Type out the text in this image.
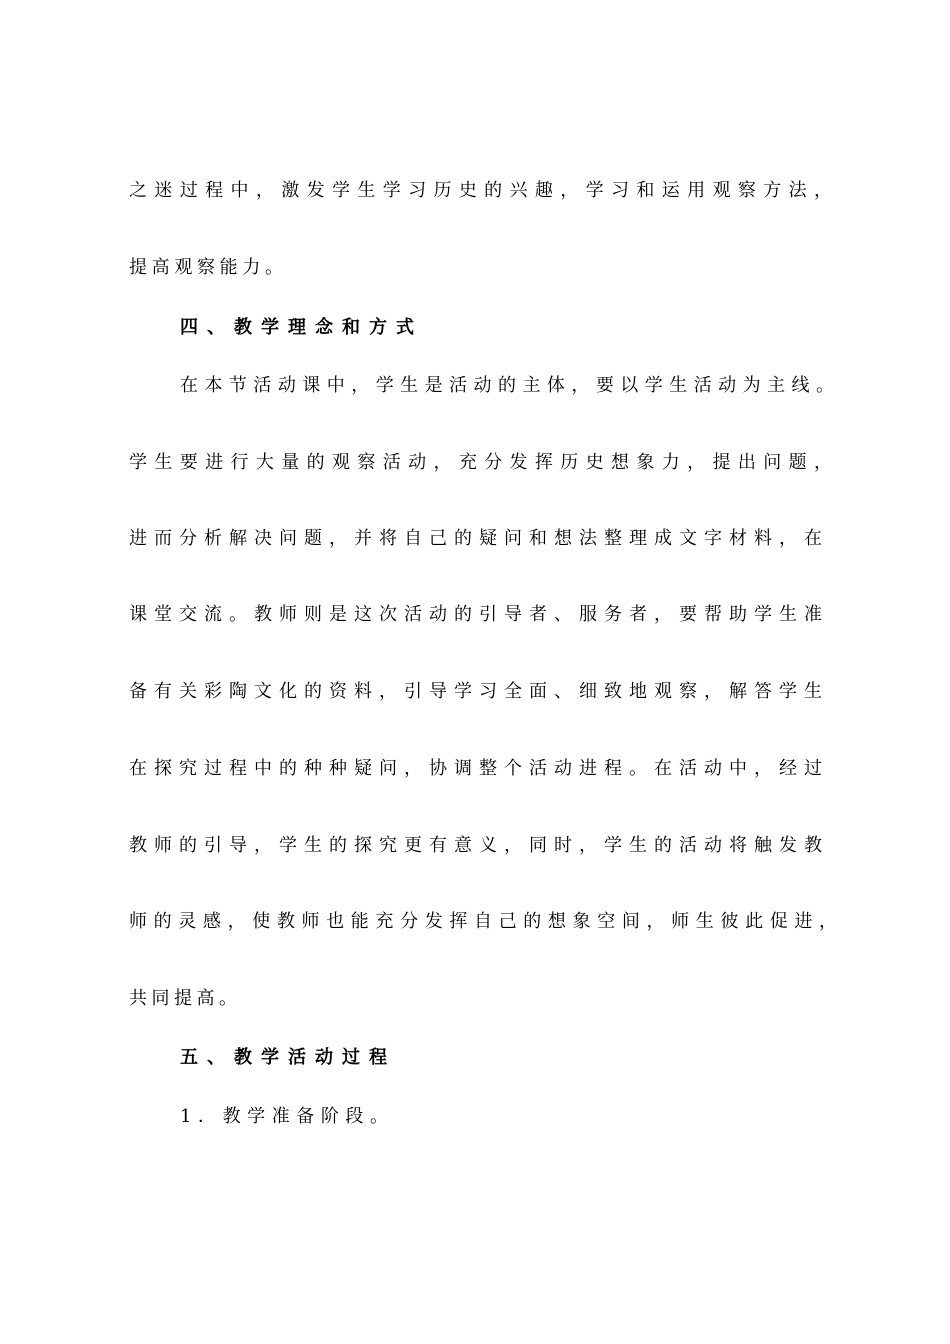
之迷过程中，激发学生学习历史的兴趣，学习和运用观察方法，
提高观察能力。
四、教学理念和方式
在本节活动课中，学生是活动的主体，要以学生活动为主线。
学生要进行大量的观察活动，充分发挥历史想象力，提出问题，
进而分析解决问题，并将自己的疑问和想法整理成文字材料，在
课堂交流。教师则是这次活动的引导者、服务者，要帮助学生准
备有关彩陶文化的资料，引导学习全面、细致地观察，解答学生
在探究过程中的种种疑问，协调整个活动进程。在活动中，经过
教师的引导，学生的探究更有意义，同时，学生的活动将触发教
师的灵感，使教师也能充分发挥自己的想象空间，师生彼此促进，
共同提高。
五、教学活动过程
1．教学准备阶段。
